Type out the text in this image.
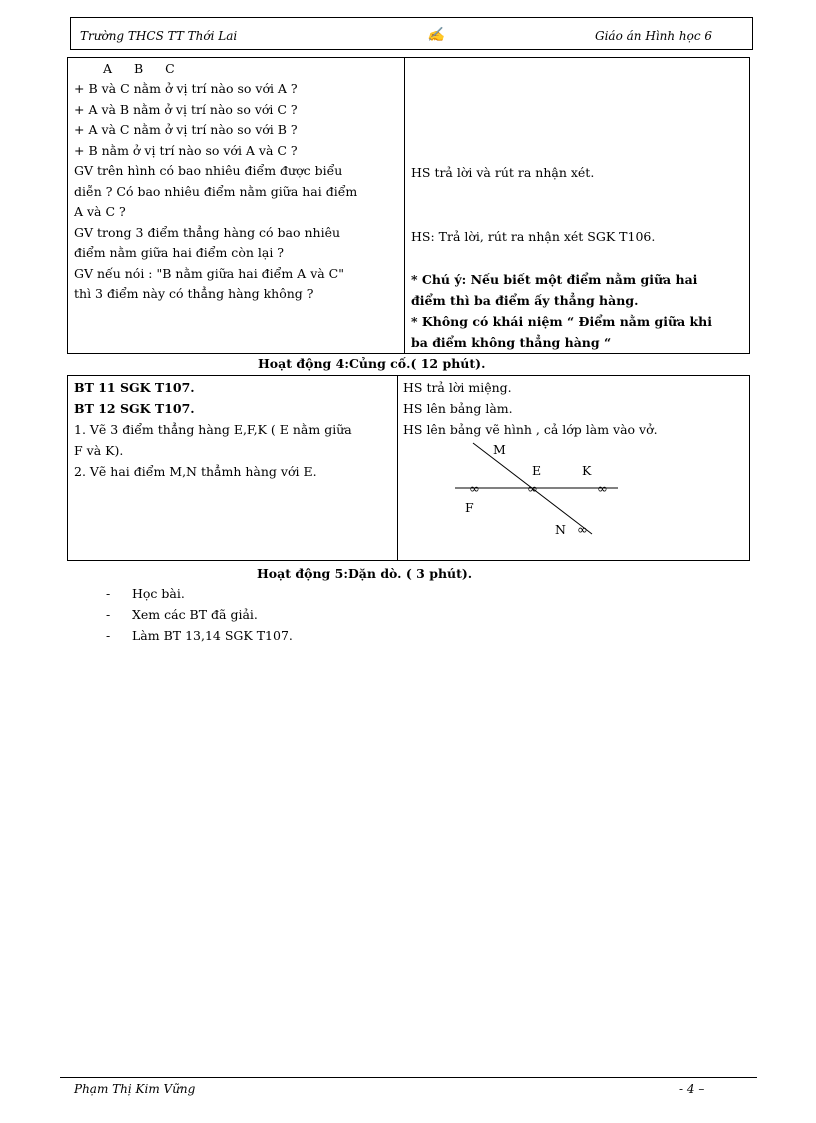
Trường THCS TT Thới Lai	✍	Giáo án Hình học 6
A B C
+ B và C nằm ở vị trí nào so với A ?
+ A và B nằm ở vị trí nào so với C ?
+ A và C nằm ở vị trí nào so với B ?
+ B nằm ở vị trí nào so với A và C ?
GV trên hình có bao nhiêu điểm được biểu
diễn ? Có bao nhiêu điểm nằm giữa hai điểm
A và C ?
GV trong 3 điểm thẳng hàng có bao nhiêu
điểm nằm giữa hai điểm còn lại ?
GV nếu nói : "B nằm giữa hai điểm A và C"
thì 3 điểm này có thẳng hàng không ?
HS trả lời và rút ra nhận xét.
HS: Trả lời, rút ra nhận xét SGK T106.
* Chú ý: Nếu biết một điểm nằm giữa hai
điểm thì ba điểm ấy thẳng hàng.
* Không có khái niệm “ Điểm nằm giữa khi
ba điểm không thẳng hàng “
Hoạt động 4:Củng cố.( 12 phút).
BT 11 SGK T107.
BT 12 SGK T107.
1. Vẽ 3 điểm thẳng hàng E,F,K ( E nằm giữa
F và K).
2. Vẽ hai điểm M,N thẳmh hàng với E.
HS trả lời miệng.
HS lên bảng làm.
HS lên bảng vẽ hình , cả lớp làm vào vở.
M
E	K
F
N
∞	∞	∞
∞
Hoạt động 5:Dặn dò. ( 3 phút).
- Học bài.
- Xem các BT đã giải.
- Làm BT 13,14 SGK T107.
Phạm Thị Kim Vững	- 4 –
